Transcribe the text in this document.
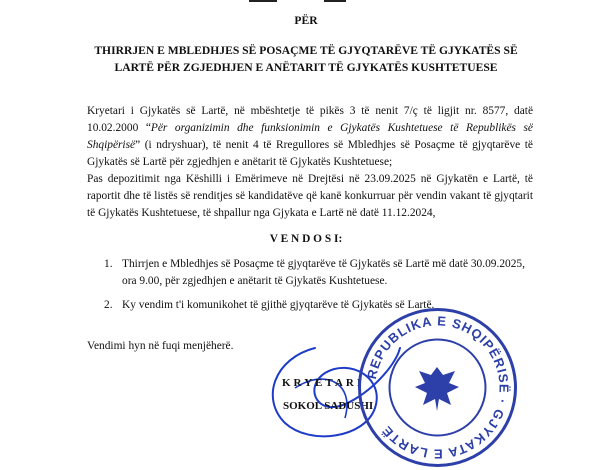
PËR

THIRRJEN E MBLEDHJES SË POSAÇME TË GJYQTARËVE TË GJYKATËS SË

LARTË PËR ZGJEDHJEN E ANËTARIT TË GJYKATËS KUSHTETUESE

Kryetari i Gjykatës së Lartë, në mbështetje të pikës 3 të nenit 7/ç të ligjit nr. 8577, datë 10.02.2000 “Për organizimin dhe funksionimin e Gjykatës Kushtetuese të Republikës së Shqipërisë” (i ndryshuar), të nenit 4 të Rregullores së Mbledhjes së Posaçme të gjyqtarëve të Gjykatës së Lartë për zgjedhjen e anëtarit të Gjykatës Kushtetuese;

Pas depozitimit nga Këshilli i Emërimeve në Drejtësi në 23.09.2025 në Gjykatën e Lartë, të raportit dhe të listës së renditjes së kandidatëve që kanë konkurruar për vendin vakant të gjyqtarit të Gjykatës Kushtetuese, të shpallur nga Gjykata e Lartë në datë 11.12.2024,

V E N D O S I:

1. Thirrjen e Mbledhjes së Posaçme të gjyqtarëve të Gjykatës së Lartë më datë 30.09.2025, ora 9.00, për zgjedhjen e anëtarit të Gjykatës Kushtetuese.

2. Ky vendim t'i komunikohet të gjithë gjyqtarëve të Gjykatës së Lartë.

Vendimi hyn në fuqi menjëherë.

KRYETARI
SOKOL SADUSHI
REPUBLIKA E SHQIPËRISË · GJYKATA E LARTË
